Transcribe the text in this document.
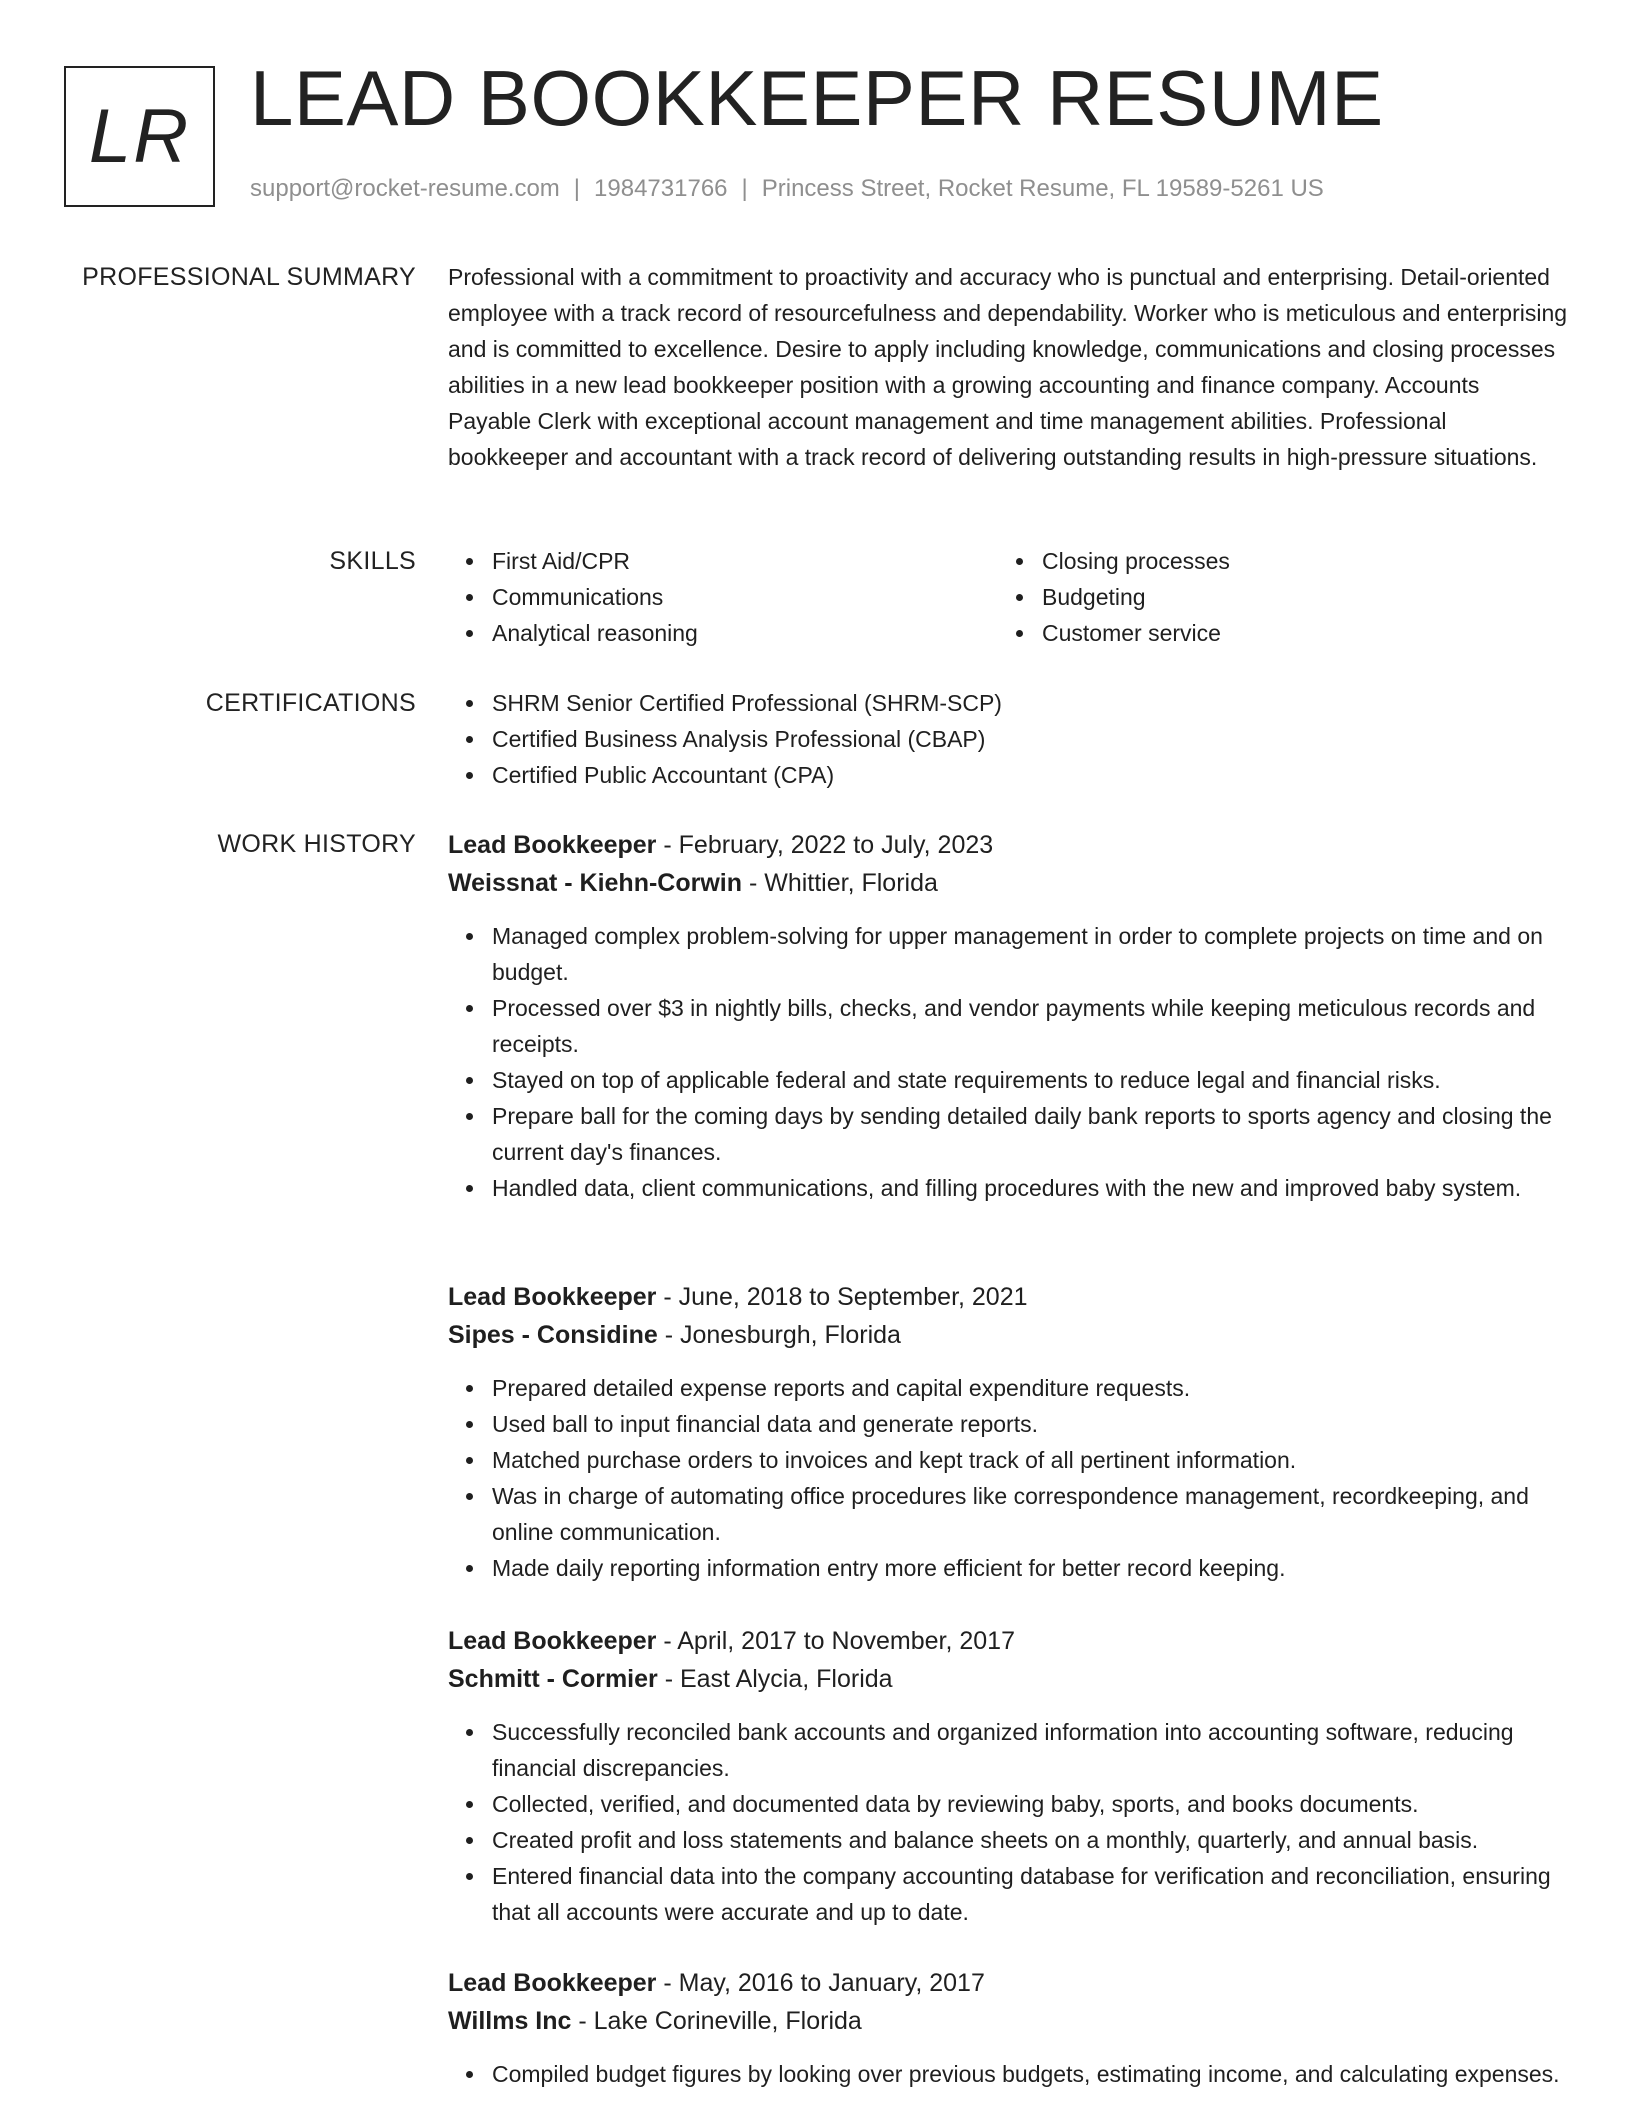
LR LEAD BOOKKEEPER RESUME
support@rocket-resume.com | 1984731766 | Princess Street, Rocket Resume, FL 19589-5261 US
PROFESSIONAL SUMMARY Professional with a commitment to proactivity and accuracy who is punctual and enterprising. Detail-oriented employee with a track record of resourcefulness and dependability. Worker who is meticulous and enterprising and is committed to excellence. Desire to apply including knowledge, communications and closing processes abilities in a new lead bookkeeper position with a growing accounting and finance company. Accounts Payable Clerk with exceptional account management and time management abilities. Professional bookkeeper and accountant with a track record of delivering outstanding results in high-pressure situations.

SKILLS	First Aid/CPR
Communications
Analytical reasoning
Closing processes
Budgeting
Customer service
CERTIFICATIONS	SHRM Senior Certified Professional (SHRM-SCP)
Certified Business Analysis Professional (CBAP)
Certified Public Accountant (CPA)
WORK HISTORY Lead Bookkeeper - February, 2022 to July, 2023
Weissnat - Kiehn-Corwin - Whittier, Florida
Managed complex problem-solving for upper management in order to complete projects on time and on budget.
Processed over $3 in nightly bills, checks, and vendor payments while keeping meticulous records and receipts.
Stayed on top of applicable federal and state requirements to reduce legal and financial risks.
Prepare ball for the coming days by sending detailed daily bank reports to sports agency and closing the current day's finances.
Handled data, client communications, and filling procedures with the new and improved baby system.
Lead Bookkeeper - June, 2018 to September, 2021
Sipes - Considine - Jonesburgh, Florida
Prepared detailed expense reports and capital expenditure requests.
Used ball to input financial data and generate reports.
Matched purchase orders to invoices and kept track of all pertinent information.
Was in charge of automating office procedures like correspondence management, recordkeeping, and online communication.
Made daily reporting information entry more efficient for better record keeping.
Lead Bookkeeper - April, 2017 to November, 2017
Schmitt - Cormier - East Alycia, Florida
Successfully reconciled bank accounts and organized information into accounting software, reducing financial discrepancies.
Collected, verified, and documented data by reviewing baby, sports, and books documents.
Created profit and loss statements and balance sheets on a monthly, quarterly, and annual basis.
Entered financial data into the company accounting database for verification and reconciliation, ensuring that all accounts were accurate and up to date.
Lead Bookkeeper - May, 2016 to January, 2017
Willms Inc - Lake Corineville, Florida
Compiled budget figures by looking over previous budgets, estimating income, and calculating expenses.
